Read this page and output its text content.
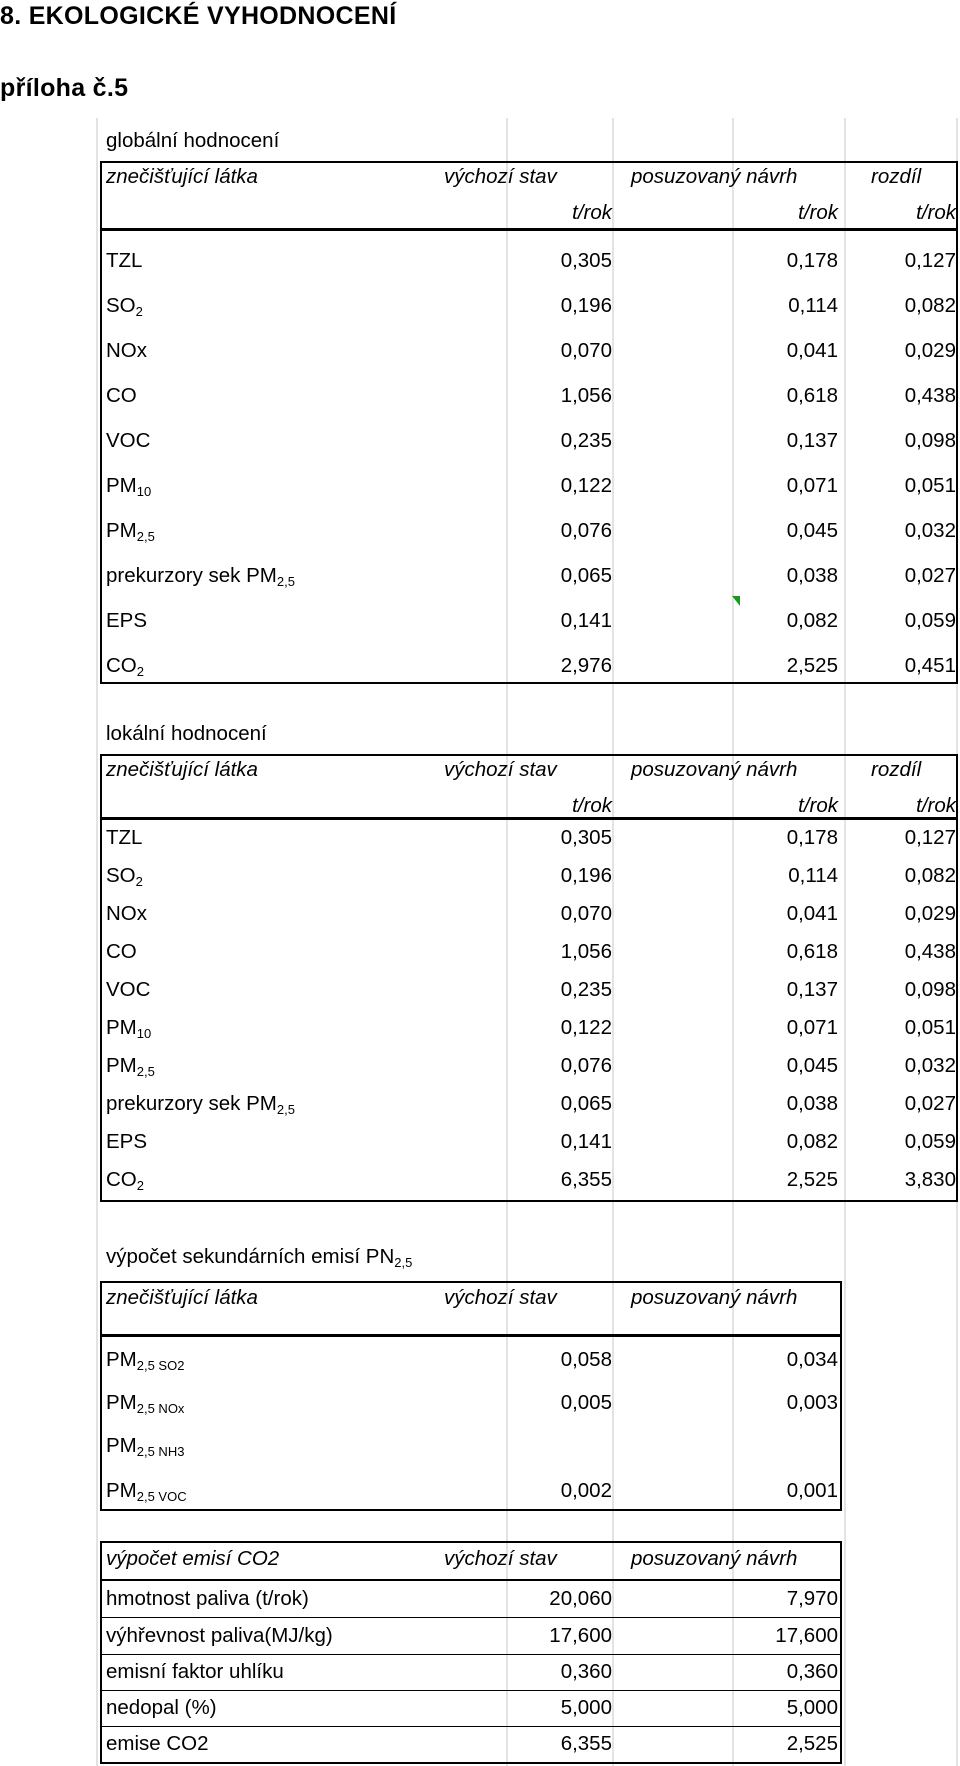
8. EKOLOGICKÉ VYHODNOCENÍ
příloha č.5
globální hodnocení
znečišťující látka	výchozí stav	posuzovaný návrh	rozdíl
t/rok	t/rok	t/rok
TZL	0,305	0,178	0,127
$SO_2$	0,196	0,114	0,082
NOx	0,070	0,041	0,029
CO	1,056	0,618	0,438
VOC	0,235	0,137	0,098
$PM_{10}$	0,122	0,071	0,051
$PM_{2,5}$	0,076	0,045	0,032
prekurzory sek $PM_{2,5}$	0,065	0,038	0,027
EPS	0,141	0,082	0,059
$CO_2$	2,976	2,525	0,451
lokální hodnocení
znečišťující látka	výchozí stav	posuzovaný návrh	rozdíl
t/rok	t/rok	t/rok
TZL	0,305	0,178	0,127
$SO_2$	0,196	0,114	0,082
NOx	0,070	0,041	0,029
CO	1,056	0,618	0,438
VOC	0,235	0,137	0,098
$PM_{10}$	0,122	0,071	0,051
$PM_{2,5}$	0,076	0,045	0,032
prekurzory sek $PM_{2,5}$	0,065	0,038	0,027
EPS	0,141	0,082	0,059
$CO_2$	6,355	2,525	3,830
výpočet sekundárních emisí $PN_{2,5}$
znečišťující látka	výchozí stav	posuzovaný návrh
$PM_{2,5 SO2}$	0,058	0,034
$PM_{2,5 NOx}$	0,005	0,003
$PM_{2,5 NH3}$
$PM_{2,5 VOC}$	0,002	0,001
výpočet emisí CO2	výchozí stav	posuzovaný návrh
hmotnost paliva (t/rok)	20,060	7,970
výhřevnost paliva(MJ/kg)	17,600	17,600
emisní faktor uhlíku	0,360	0,360
nedopal (%)	5,000	5,000
emise CO2	6,355	2,525
